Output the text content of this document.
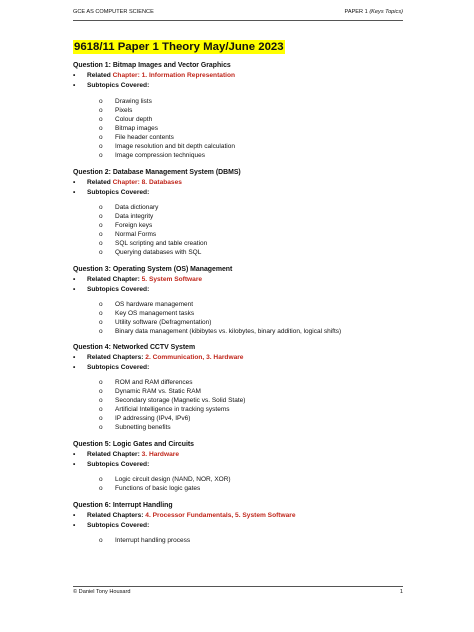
GCE AS COMPUTER SCIENCE	PAPER 1 (Keys Topics)
9618/11 Paper 1 Theory May/June 2023
Question 1: Bitmap Images and Vector Graphics
• Related Chapter: 1. Information Representation
• Subtopics Covered:
o Drawing lists
o Pixels
o Colour depth
o Bitmap images
o File header contents
o Image resolution and bit depth calculation
o Image compression techniques
Question 2: Database Management System (DBMS)
• Related Chapter: 8. Databases
• Subtopics Covered:
o Data dictionary
o Data integrity
o Foreign keys
o Normal Forms
o SQL scripting and table creation
o Querying databases with SQL
Question 3: Operating System (OS) Management
• Related Chapter: 5. System Software
• Subtopics Covered:
o OS hardware management
o Key OS management tasks
o Utility software (Defragmentation)
o Binary data management (kibibytes vs. kilobytes, binary addition, logical shifts)
Question 4: Networked CCTV System
• Related Chapters: 2. Communication, 3. Hardware
• Subtopics Covered:
o ROM and RAM differences
o Dynamic RAM vs. Static RAM
o Secondary storage (Magnetic vs. Solid State)
o Artificial Intelligence in tracking systems
o IP addressing (IPv4, IPv6)
o Subnetting benefits
Question 5: Logic Gates and Circuits
• Related Chapter: 3. Hardware
• Subtopics Covered:
o Logic circuit design (NAND, NOR, XOR)
o Functions of basic logic gates
Question 6: Interrupt Handling
• Related Chapters: 4. Processor Fundamentals, 5. System Software
• Subtopics Covered:
o Interrupt handling process
© Daniel Tony Housard	1
